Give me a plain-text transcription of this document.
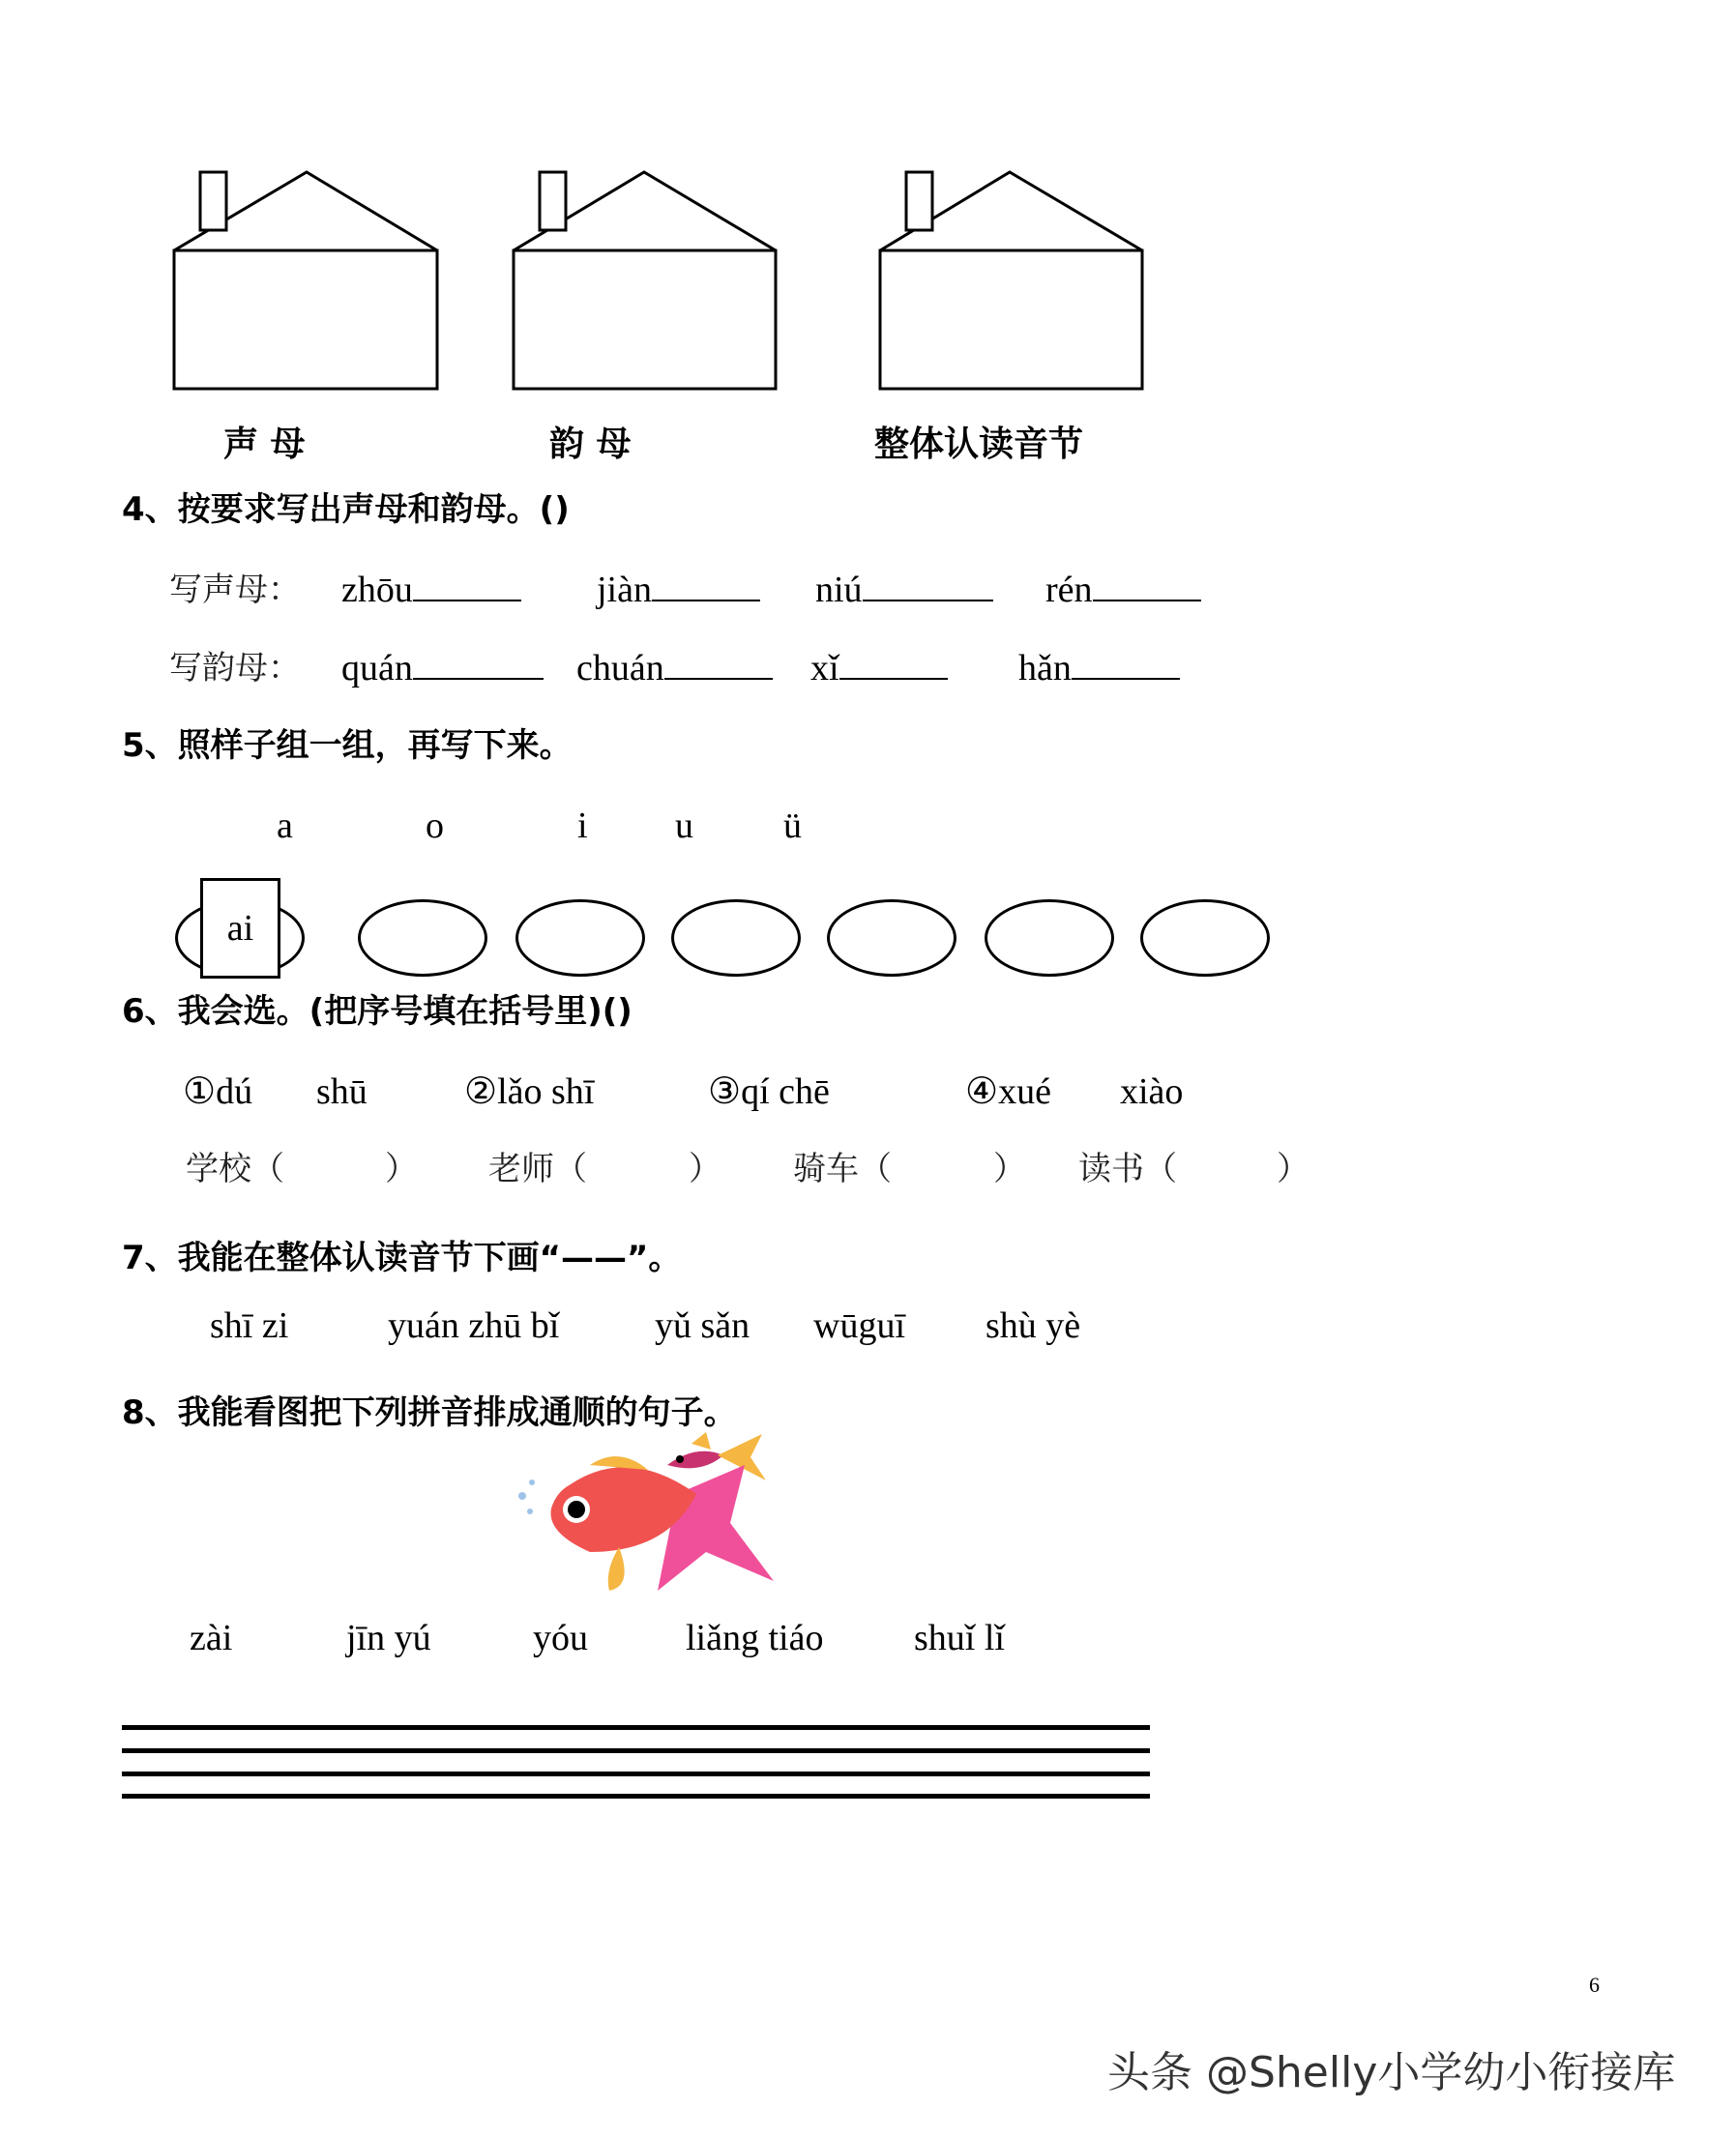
声 母	韵 母	整体认读音节
4、按要求写出声母和韵母。()
写声母： zhōu	jiàn	niú	rén
写韵母： quán	chuán	xǐ	hǎn
5、照样子组一组，再写下来。
a	o	i u ü
ai
6、我会选。(把序号填在括号里)()
①dú shū	②lǎo shī	③qí chē	④xué xiào
学校（	） 老师（	） 骑车（	） 读书（	）
7、我能在整体认读音节下画“——”。
shī zi	yuán zhū bǐ	yǔ sǎn wūguī shù yè
8、我能看图把下列拼音排成通顺的句子。
zài	jīn yú	yóu	liǎng tiáo shuǐ lǐ
6
头条 @Shelly小学幼小衔接库
